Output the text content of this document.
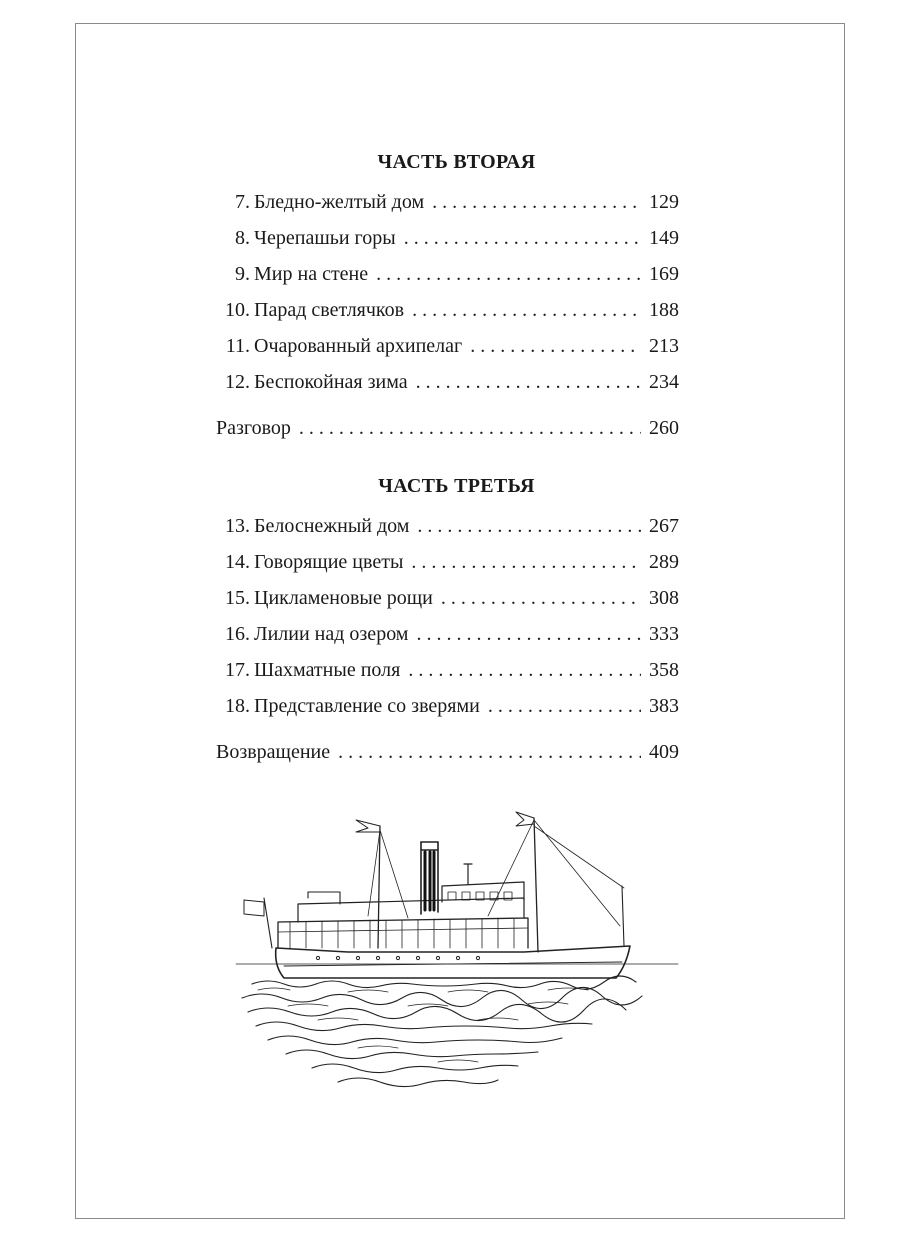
ЧАСТЬ ВТОРАЯ
7. Бледно-желтый дом . . .	129
8. Черепашьи горы . . .	149
9. Мир на стене . . .	169
10. Парад светлячков . . .	188
11. Очарованный архипелаг . . .	213
12. Беспокойная зима . . .	234
Разговор . . .	260
ЧАСТЬ ТРЕТЬЯ
13. Белоснежный дом . . .	267
14. Говорящие цветы . . .	289
15. Цикламеновые рощи . . .	308
16. Лилии над озером . . .	333
17. Шахматные поля . . .	358
18. Представление со зверями . . .	383
Возвращение . . .	409
